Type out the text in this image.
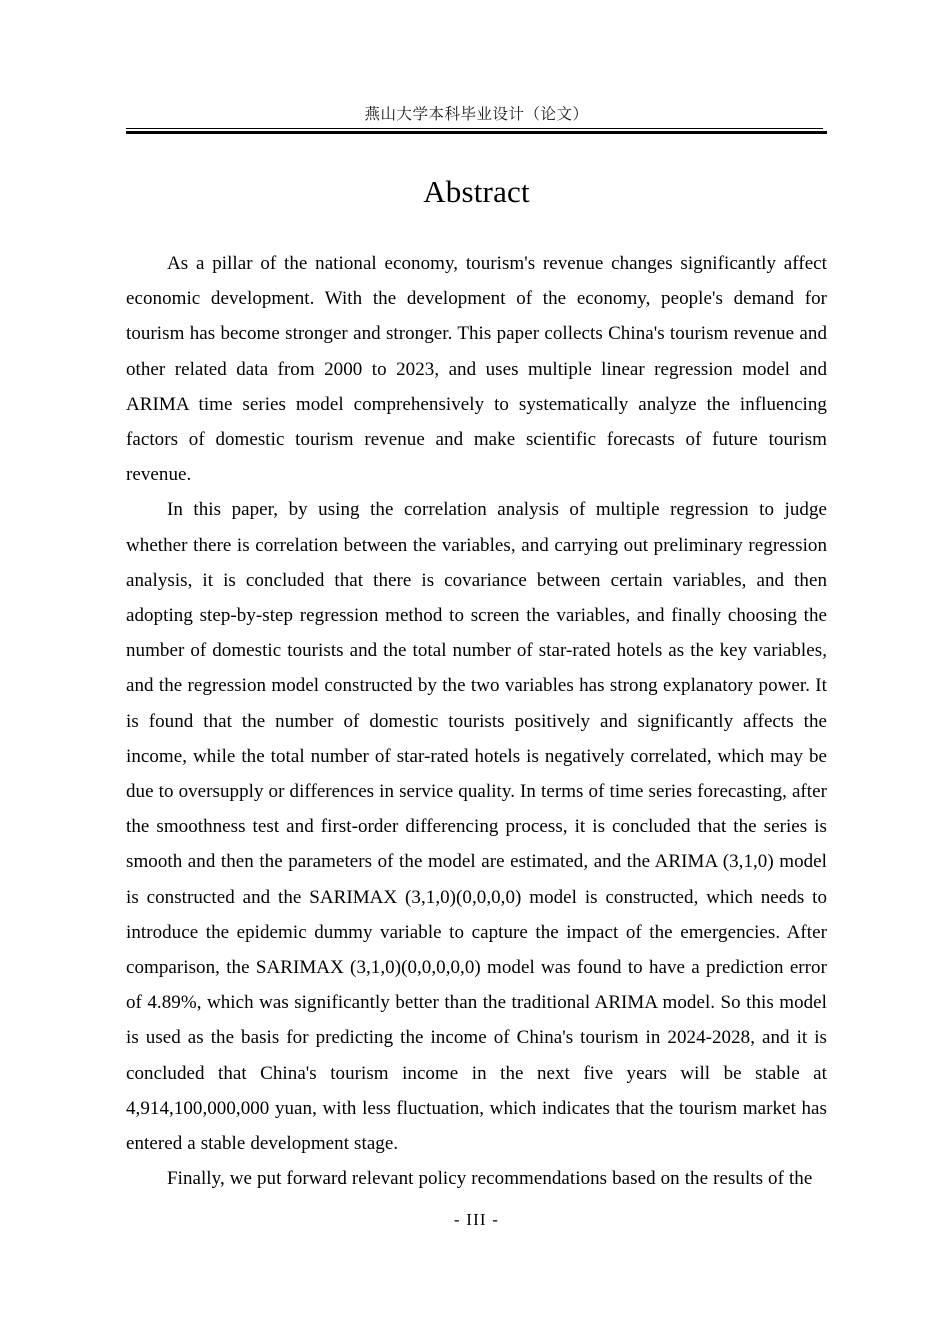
燕山大学本科毕业设计（论文）
Abstract

As a pillar of the national economy, tourism's revenue changes significantly affect economic development. With the development of the economy, people's demand for tourism has become stronger and stronger. This paper collects China's tourism revenue and other related data from 2000 to 2023, and uses multiple linear regression model and ARIMA time series model comprehensively to systematically analyze the influencing factors of domestic tourism revenue and make scientific forecasts of future tourism revenue.

In this paper, by using the correlation analysis of multiple regression to judge whether there is correlation between the variables, and carrying out preliminary regression analysis, it is concluded that there is covariance between certain variables, and then adopting step-by-step regression method to screen the variables, and finally choosing the number of domestic tourists and the total number of star-rated hotels as the key variables, and the regression model constructed by the two variables has strong explanatory power. It is found that the number of domestic tourists positively and significantly affects the income, while the total number of star-rated hotels is negatively correlated, which may be due to oversupply or differences in service quality. In terms of time series forecasting, after the smoothness test and first-order differencing process, it is concluded that the series is smooth and then the parameters of the model are estimated, and the ARIMA (3,1,0) model is constructed and the SARIMAX (3,1,0)(0,0,0,0) model is constructed, which needs to introduce the epidemic dummy variable to capture the impact of the emergencies. After comparison, the SARIMAX (3,1,0)(0,0,0,0,0) model was found to have a prediction error of 4.89%, which was significantly better than the traditional ARIMA model. So this model is used as the basis for predicting the income of China's tourism in 2024-2028, and it is concluded that China's tourism income in the next five years will be stable at 4,914,100,000,000 yuan, with less fluctuation, which indicates that the tourism market has entered a stable development stage.

Finally, we put forward relevant policy recommendations based on the results of the

- III -
